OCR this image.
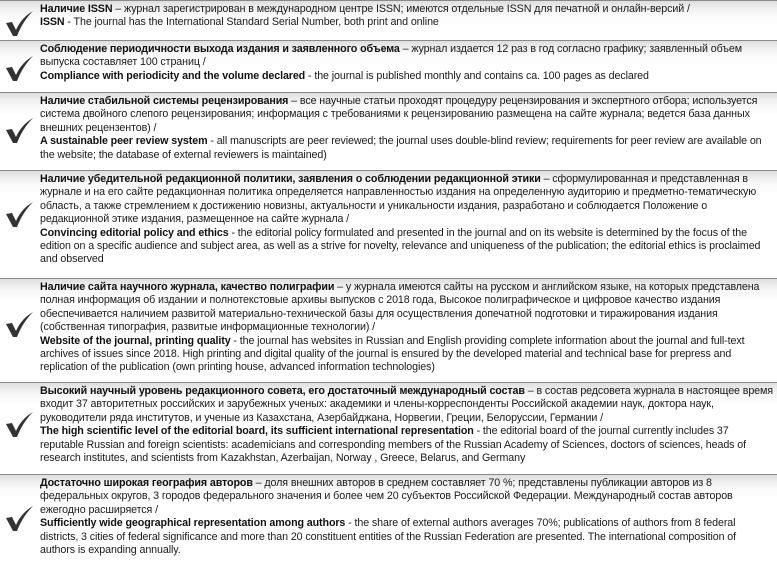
Наличие ISSN – журнал зарегистрирован в международном центре ISSN; имеются отдельные ISSN для печатной и онлайн-версий /

ISSN - The journal has the International Standard Serial Number, both print and online

Соблюдение периодичности выхода издания и заявленного объема – журнал издается 12 раз в год согласно графику; заявленный объем выпуска составляет 100 страниц /

Compliance with periodicity and the volume declared - the journal is published monthly and contains ca. 100 pages as declared

Наличие стабильной системы рецензирования – все научные статьи проходят процедуру рецензирования и экспертного отбора; используется система двойного слепого рецензирования; информация с требованиями к рецензированию размещена на сайте журнала; ведется база данных внешних рецензентов) /

A sustainable peer review system - all manuscripts are peer reviewed; the journal uses double-blind review; requirements for peer review are available on the website; the database of external reviewers is maintained)

Наличие убедительной редакционной политики, заявления о соблюдении редакционной этики – сформулированная и представленная в журнале и на его сайте редакционная политика определяется направленностью издания на определенную аудиторию и предметно-тематическую область, а также стремлением к достижению новизны, актуальности и уникальности издания, разработано и соблюдается Положение о редакционной этике издания, размещенное на сайте журнала /

Convincing editorial policy and ethics - the editorial policy formulated and presented in the journal and on its website is determined by the focus of the edition on a specific audience and subject area, as well as a strive for novelty, relevance and uniqueness of the publication; the editorial ethics is proclaimed and observed

Наличие сайта научного журнала, качество полиграфии – у журнала имеются сайты на русском и английском языке, на которых представлена полная информация об издании и полнотекстовые архивы выпусков с 2018 года, Высокое полиграфическое и цифровое качество издания обеспечивается наличием развитой материально-технической базы для осуществления допечатной подготовки и тиражирования издания (собственная типография, развитые информационные технологии) /

Website of the journal, printing quality - the journal has websites in Russian and English providing complete information about the journal and full-text archives of issues since 2018. High printing and digital quality of the journal is ensured by the developed material and technical base for prepress and replication of the publication (own printing house, advanced information technologies)

Высокий научный уровень редакционного совета, его достаточный международный состав – в состав редсовета журнала в настоящее время входит 37 авторитетных российских и зарубежных ученых: академики и члены-корреспонденты Российской академии наук, доктора наук, руководители ряда институтов, и ученые из Казахстана, Азербайджана, Норвегии, Греции, Белоруссии, Германии /

The high scientific level of the editorial board, its sufficient international representation - the editorial board of the journal currently includes 37 reputable Russian and foreign scientists: academicians and corresponding members of the Russian Academy of Sciences, doctors of sciences, heads of research institutes, and scientists from Kazakhstan, Azerbaijan, Norway , Greece, Belarus, and Germany

Достаточно широкая география авторов – доля внешних авторов в среднем составляет 70 %; представлены публикации авторов из 8 федеральных округов, 3 городов федерального значения и более чем 20 субъектов Российской Федерации. Международный состав авторов ежегодно расширяется /

Sufficiently wide geographical representation among authors - the share of external authors averages 70%; publications of authors from 8 federal districts, 3 cities of federal significance and more than 20 constituent entities of the Russian Federation are presented. The international composition of authors is expanding annually.
